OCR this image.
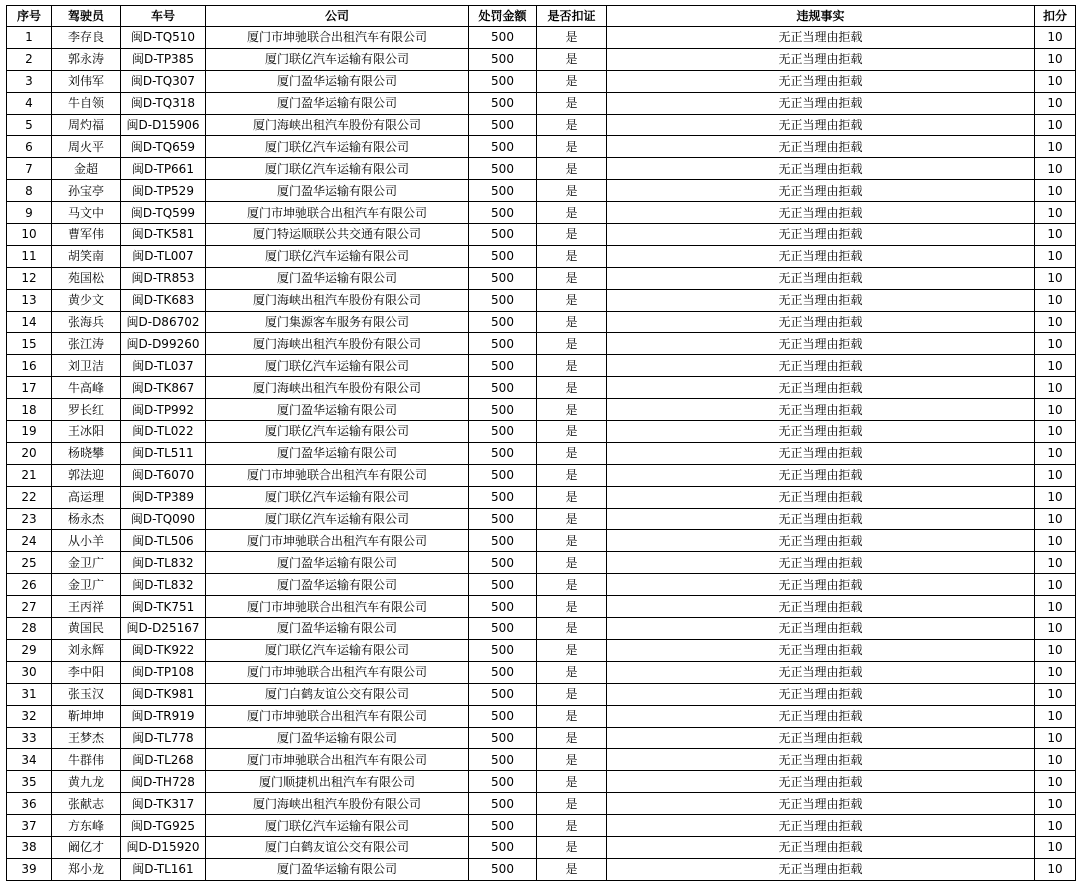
序号	驾驶员	车号	公司	处罚金额	是否扣证	违规事实	扣分
1	李存良	闽D-TQ510	厦门市坤驰联合出租汽车有限公司	500	是	无正当理由拒载	10
2	郭永涛	闽D-TP385	厦门联亿汽车运输有限公司	500	是	无正当理由拒载	10
3	刘伟军	闽D-TQ307	厦门盈华运输有限公司	500	是	无正当理由拒载	10
4	牛自领	闽D-TQ318	厦门盈华运输有限公司	500	是	无正当理由拒载	10
5	周灼福	闽D-D15906	厦门海峡出租汽车股份有限公司	500	是	无正当理由拒载	10
6	周火平	闽D-TQ659	厦门联亿汽车运输有限公司	500	是	无正当理由拒载	10
7	金超	闽D-TP661	厦门联亿汽车运输有限公司	500	是	无正当理由拒载	10
8	孙宝亭	闽D-TP529	厦门盈华运输有限公司	500	是	无正当理由拒载	10
9	马文中	闽D-TQ599	厦门市坤驰联合出租汽车有限公司	500	是	无正当理由拒载	10
10	曹军伟	闽D-TK581	厦门特运顺联公共交通有限公司	500	是	无正当理由拒载	10
11	胡笑南	闽D-TL007	厦门联亿汽车运输有限公司	500	是	无正当理由拒载	10
12	苑国松	闽D-TR853	厦门盈华运输有限公司	500	是	无正当理由拒载	10
13	黄少文	闽D-TK683	厦门海峡出租汽车股份有限公司	500	是	无正当理由拒载	10
14	张海兵	闽D-D86702	厦门集源客车服务有限公司	500	是	无正当理由拒载	10
15	张江涛	闽D-D99260	厦门海峡出租汽车股份有限公司	500	是	无正当理由拒载	10
16	刘卫洁	闽D-TL037	厦门联亿汽车运输有限公司	500	是	无正当理由拒载	10
17	牛高峰	闽D-TK867	厦门海峡出租汽车股份有限公司	500	是	无正当理由拒载	10
18	罗长红	闽D-TP992	厦门盈华运输有限公司	500	是	无正当理由拒载	10
19	王冰阳	闽D-TL022	厦门联亿汽车运输有限公司	500	是	无正当理由拒载	10
20	杨晓攀	闽D-TL511	厦门盈华运输有限公司	500	是	无正当理由拒载	10
21	郭法迎	闽D-T6070	厦门市坤驰联合出租汽车有限公司	500	是	无正当理由拒载	10
22	高运理	闽D-TP389	厦门联亿汽车运输有限公司	500	是	无正当理由拒载	10
23	杨永杰	闽D-TQ090	厦门联亿汽车运输有限公司	500	是	无正当理由拒载	10
24	从小羊	闽D-TL506	厦门市坤驰联合出租汽车有限公司	500	是	无正当理由拒载	10
25	金卫广	闽D-TL832	厦门盈华运输有限公司	500	是	无正当理由拒载	10
26	金卫广	闽D-TL832	厦门盈华运输有限公司	500	是	无正当理由拒载	10
27	王丙祥	闽D-TK751	厦门市坤驰联合出租汽车有限公司	500	是	无正当理由拒载	10
28	黄国民	闽D-D25167	厦门盈华运输有限公司	500	是	无正当理由拒载	10
29	刘永辉	闽D-TK922	厦门联亿汽车运输有限公司	500	是	无正当理由拒载	10
30	李中阳	闽D-TP108	厦门市坤驰联合出租汽车有限公司	500	是	无正当理由拒载	10
31	张玉汉	闽D-TK981	厦门白鹤友谊公交有限公司	500	是	无正当理由拒载	10
32	靳坤坤	闽D-TR919	厦门市坤驰联合出租汽车有限公司	500	是	无正当理由拒载	10
33	王梦杰	闽D-TL778	厦门盈华运输有限公司	500	是	无正当理由拒载	10
34	牛群伟	闽D-TL268	厦门市坤驰联合出租汽车有限公司	500	是	无正当理由拒载	10
35	黄九龙	闽D-TH728	厦门顺捷机出租汽车有限公司	500	是	无正当理由拒载	10
36	张献志	闽D-TK317	厦门海峡出租汽车股份有限公司	500	是	无正当理由拒载	10
37	方东峰	闽D-TG925	厦门联亿汽车运输有限公司	500	是	无正当理由拒载	10
38	阚亿才	闽D-D15920	厦门白鹤友谊公交有限公司	500	是	无正当理由拒载	10
39	郑小龙	闽D-TL161	厦门盈华运输有限公司	500	是	无正当理由拒载	10
